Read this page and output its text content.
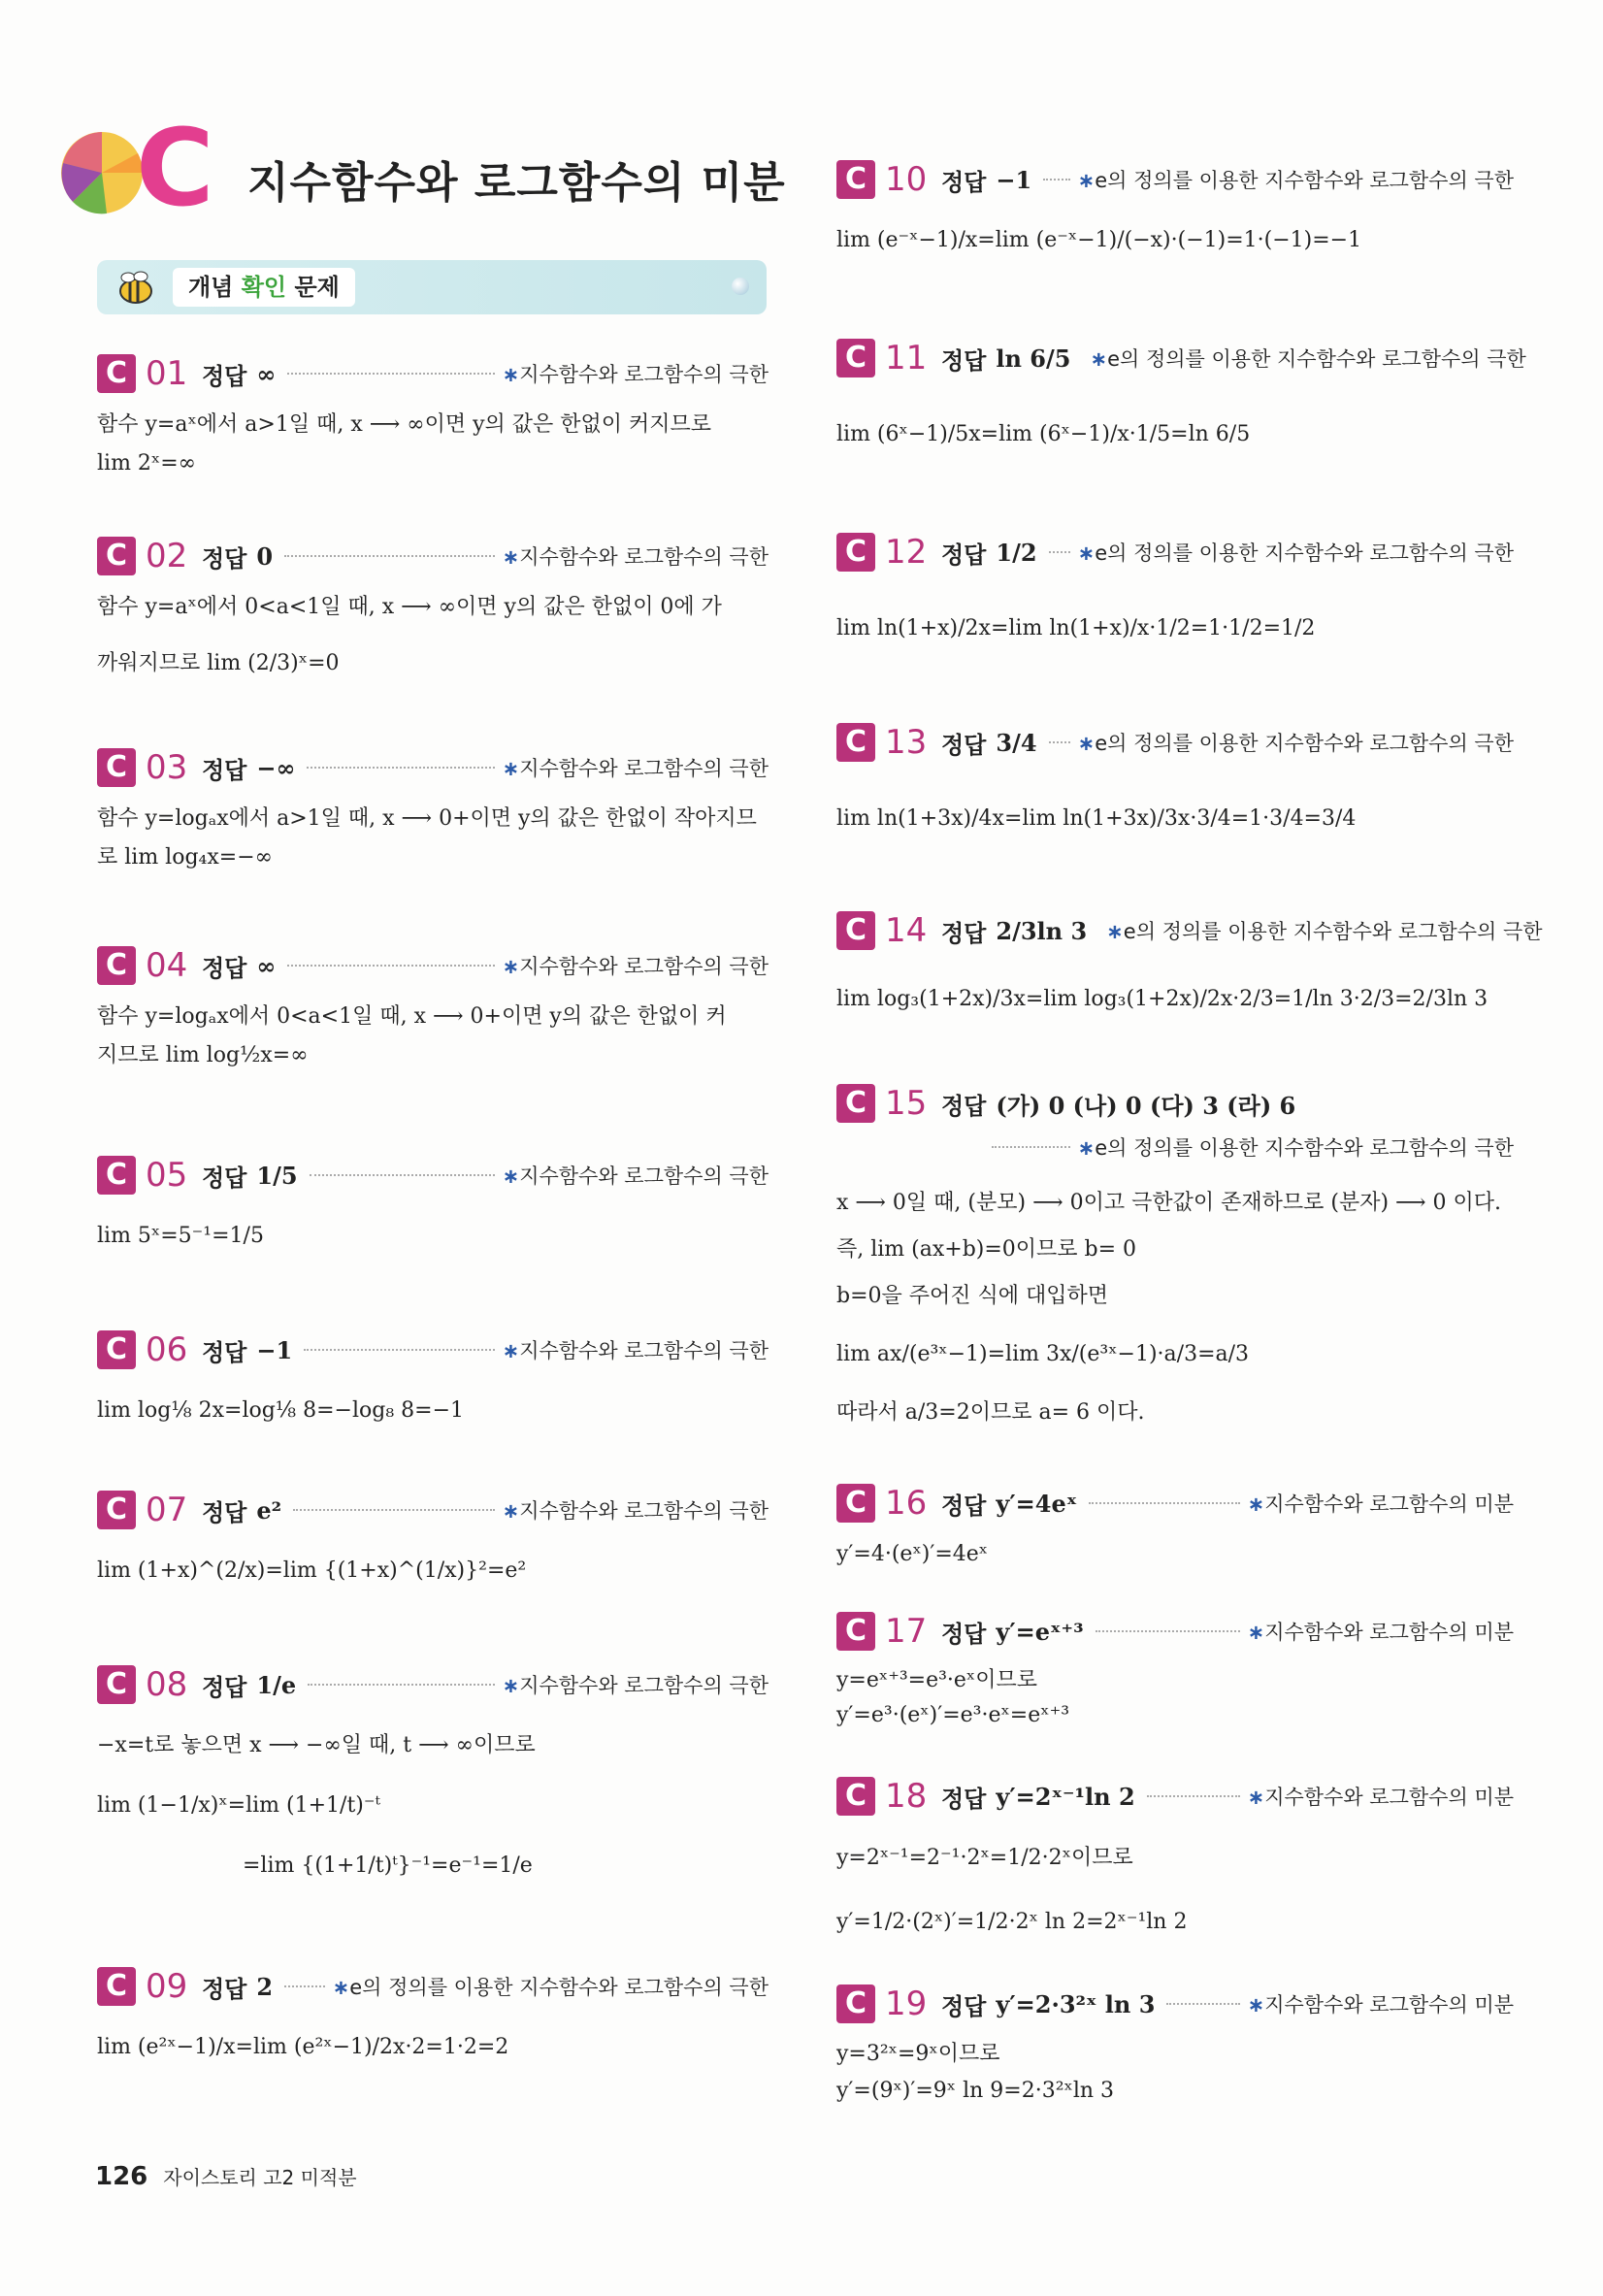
C 지수함수와 로그함수의 미분
개념 확인 문제
C 01 정답 ∞	∗지수함수와 로그함수의 극한
함수 y=aˣ에서 a>1일 때, x ⟶ ∞이면 y의 값은 한없이 커지므로
lim 2ˣ=∞
C 02 정답 0	∗지수함수와 로그함수의 극한
함수 y=aˣ에서 0<a<1일 때, x ⟶ ∞이면 y의 값은 한없이 0에 가
까워지므로 lim (2/3)ˣ=0
C 03 정답 −∞	∗지수함수와 로그함수의 극한
함수 y=logₐx에서 a>1일 때, x ⟶ 0+이면 y의 값은 한없이 작아지므
로 lim log₄x=−∞
C 04 정답 ∞	∗지수함수와 로그함수의 극한
함수 y=logₐx에서 0<a<1일 때, x ⟶ 0+이면 y의 값은 한없이 커
지므로 lim log½x=∞
C 05 정답 1/5	∗지수함수와 로그함수의 극한
lim 5ˣ=5⁻¹=1/5
C 06 정답 −1	∗지수함수와 로그함수의 극한
lim log⅛ 2x=log⅛ 8=−log₈ 8=−1
C 07 정답 e²	∗지수함수와 로그함수의 극한
lim (1+x)^(2/x)=lim {(1+x)^(1/x)}²=e²
C 08 정답 1/e	∗지수함수와 로그함수의 극한
−x=t로 놓으면 x ⟶ −∞일 때, t ⟶ ∞이므로
lim (1−1/x)ˣ=lim (1+1/t)⁻ᵗ
=lim {(1+1/t)ᵗ}⁻¹=e⁻¹=1/e
C 09 정답 2	∗e의 정의를 이용한 지수함수와 로그함수의 극한
lim (e²ˣ−1)/x=lim (e²ˣ−1)/2x·2=1·2=2
C 10 정답 −1 ∗e의 정의를 이용한 지수함수와 로그함수의 극한
lim (e⁻ˣ−1)/x=lim (e⁻ˣ−1)/(−x)·(−1)=1·(−1)=−1
C 11 정답 ln 6/5 ∗e의 정의를 이용한 지수함수와 로그함수의 극한
lim (6ˣ−1)/5x=lim (6ˣ−1)/x·1/5=ln 6/5
C 12 정답 1/2 ∗e의 정의를 이용한 지수함수와 로그함수의 극한
lim ln(1+x)/2x=lim ln(1+x)/x·1/2=1·1/2=1/2
C 13 정답 3/4 ∗e의 정의를 이용한 지수함수와 로그함수의 극한
lim ln(1+3x)/4x=lim ln(1+3x)/3x·3/4=1·3/4=3/4
C 14 정답 2/3ln 3 ∗e의 정의를 이용한 지수함수와 로그함수의 극한
lim log₃(1+2x)/3x=lim log₃(1+2x)/2x·2/3=1/ln 3·2/3=2/3ln 3
C 15 정답 (가) 0 (나) 0 (다) 3 (라) 6
∗e의 정의를 이용한 지수함수와 로그함수의 극한
x ⟶ 0일 때, (분모) ⟶ 0이고 극한값이 존재하므로 (분자) ⟶ 0 이다.
즉, lim (ax+b)=0이므로 b= 0
b=0을 주어진 식에 대입하면
lim ax/(e³ˣ−1)=lim 3x/(e³ˣ−1)·a/3=a/3
따라서 a/3=2이므로 a= 6 이다.
C 16 정답 y′=4eˣ	∗지수함수와 로그함수의 미분
y′=4·(eˣ)′=4eˣ
C 17 정답 y′=eˣ⁺³	∗지수함수와 로그함수의 미분
y=eˣ⁺³=e³·eˣ이므로
y′=e³·(eˣ)′=e³·eˣ=eˣ⁺³
C 18 정답 y′=2ˣ⁻¹ln 2	∗지수함수와 로그함수의 미분
y=2ˣ⁻¹=2⁻¹·2ˣ=1/2·2ˣ이므로
y′=1/2·(2ˣ)′=1/2·2ˣ ln 2=2ˣ⁻¹ln 2
C 19 정답 y′=2·3²ˣ ln 3	∗지수함수와 로그함수의 미분
y=3²ˣ=9ˣ이므로
y′=(9ˣ)′=9ˣ ln 9=2·3²ˣln 3
126 자이스토리 고2 미적분
